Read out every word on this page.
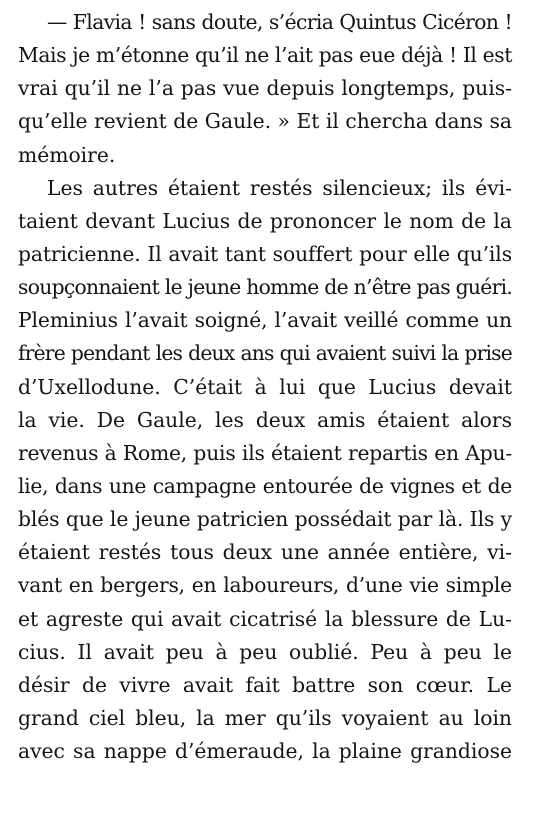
— Flavia ! sans doute, s’écria Quintus Cicéron !
Mais je m’étonne qu’il ne l’ait pas eue déjà ! Il est
vrai qu’il ne l’a pas vue depuis longtemps, puis-
qu’elle revient de Gaule. » Et il chercha dans sa
mémoire.
Les autres étaient restés silencieux; ils évi-
taient devant Lucius de prononcer le nom de la
patricienne. Il avait tant souffert pour elle qu’ils
soupçonnaient le jeune homme de n’être pas guéri.
Pleminius l’avait soigné, l’avait veillé comme un
frère pendant les deux ans qui avaient suivi la prise
d’Uxellodune. C’était à lui que Lucius devait
la vie. De Gaule, les deux amis étaient alors
revenus à Rome, puis ils étaient repartis en Apu-
lie, dans une campagne entourée de vignes et de
blés que le jeune patricien possédait par là. Ils y
étaient restés tous deux une année entière, vi-
vant en bergers, en laboureurs, d’une vie simple
et agreste qui avait cicatrisé la blessure de Lu-
cius. Il avait peu à peu oublié. Peu à peu le
désir de vivre avait fait battre son cœur. Le
grand ciel bleu, la mer qu’ils voyaient au loin
avec sa nappe d’émeraude, la plaine grandiose
